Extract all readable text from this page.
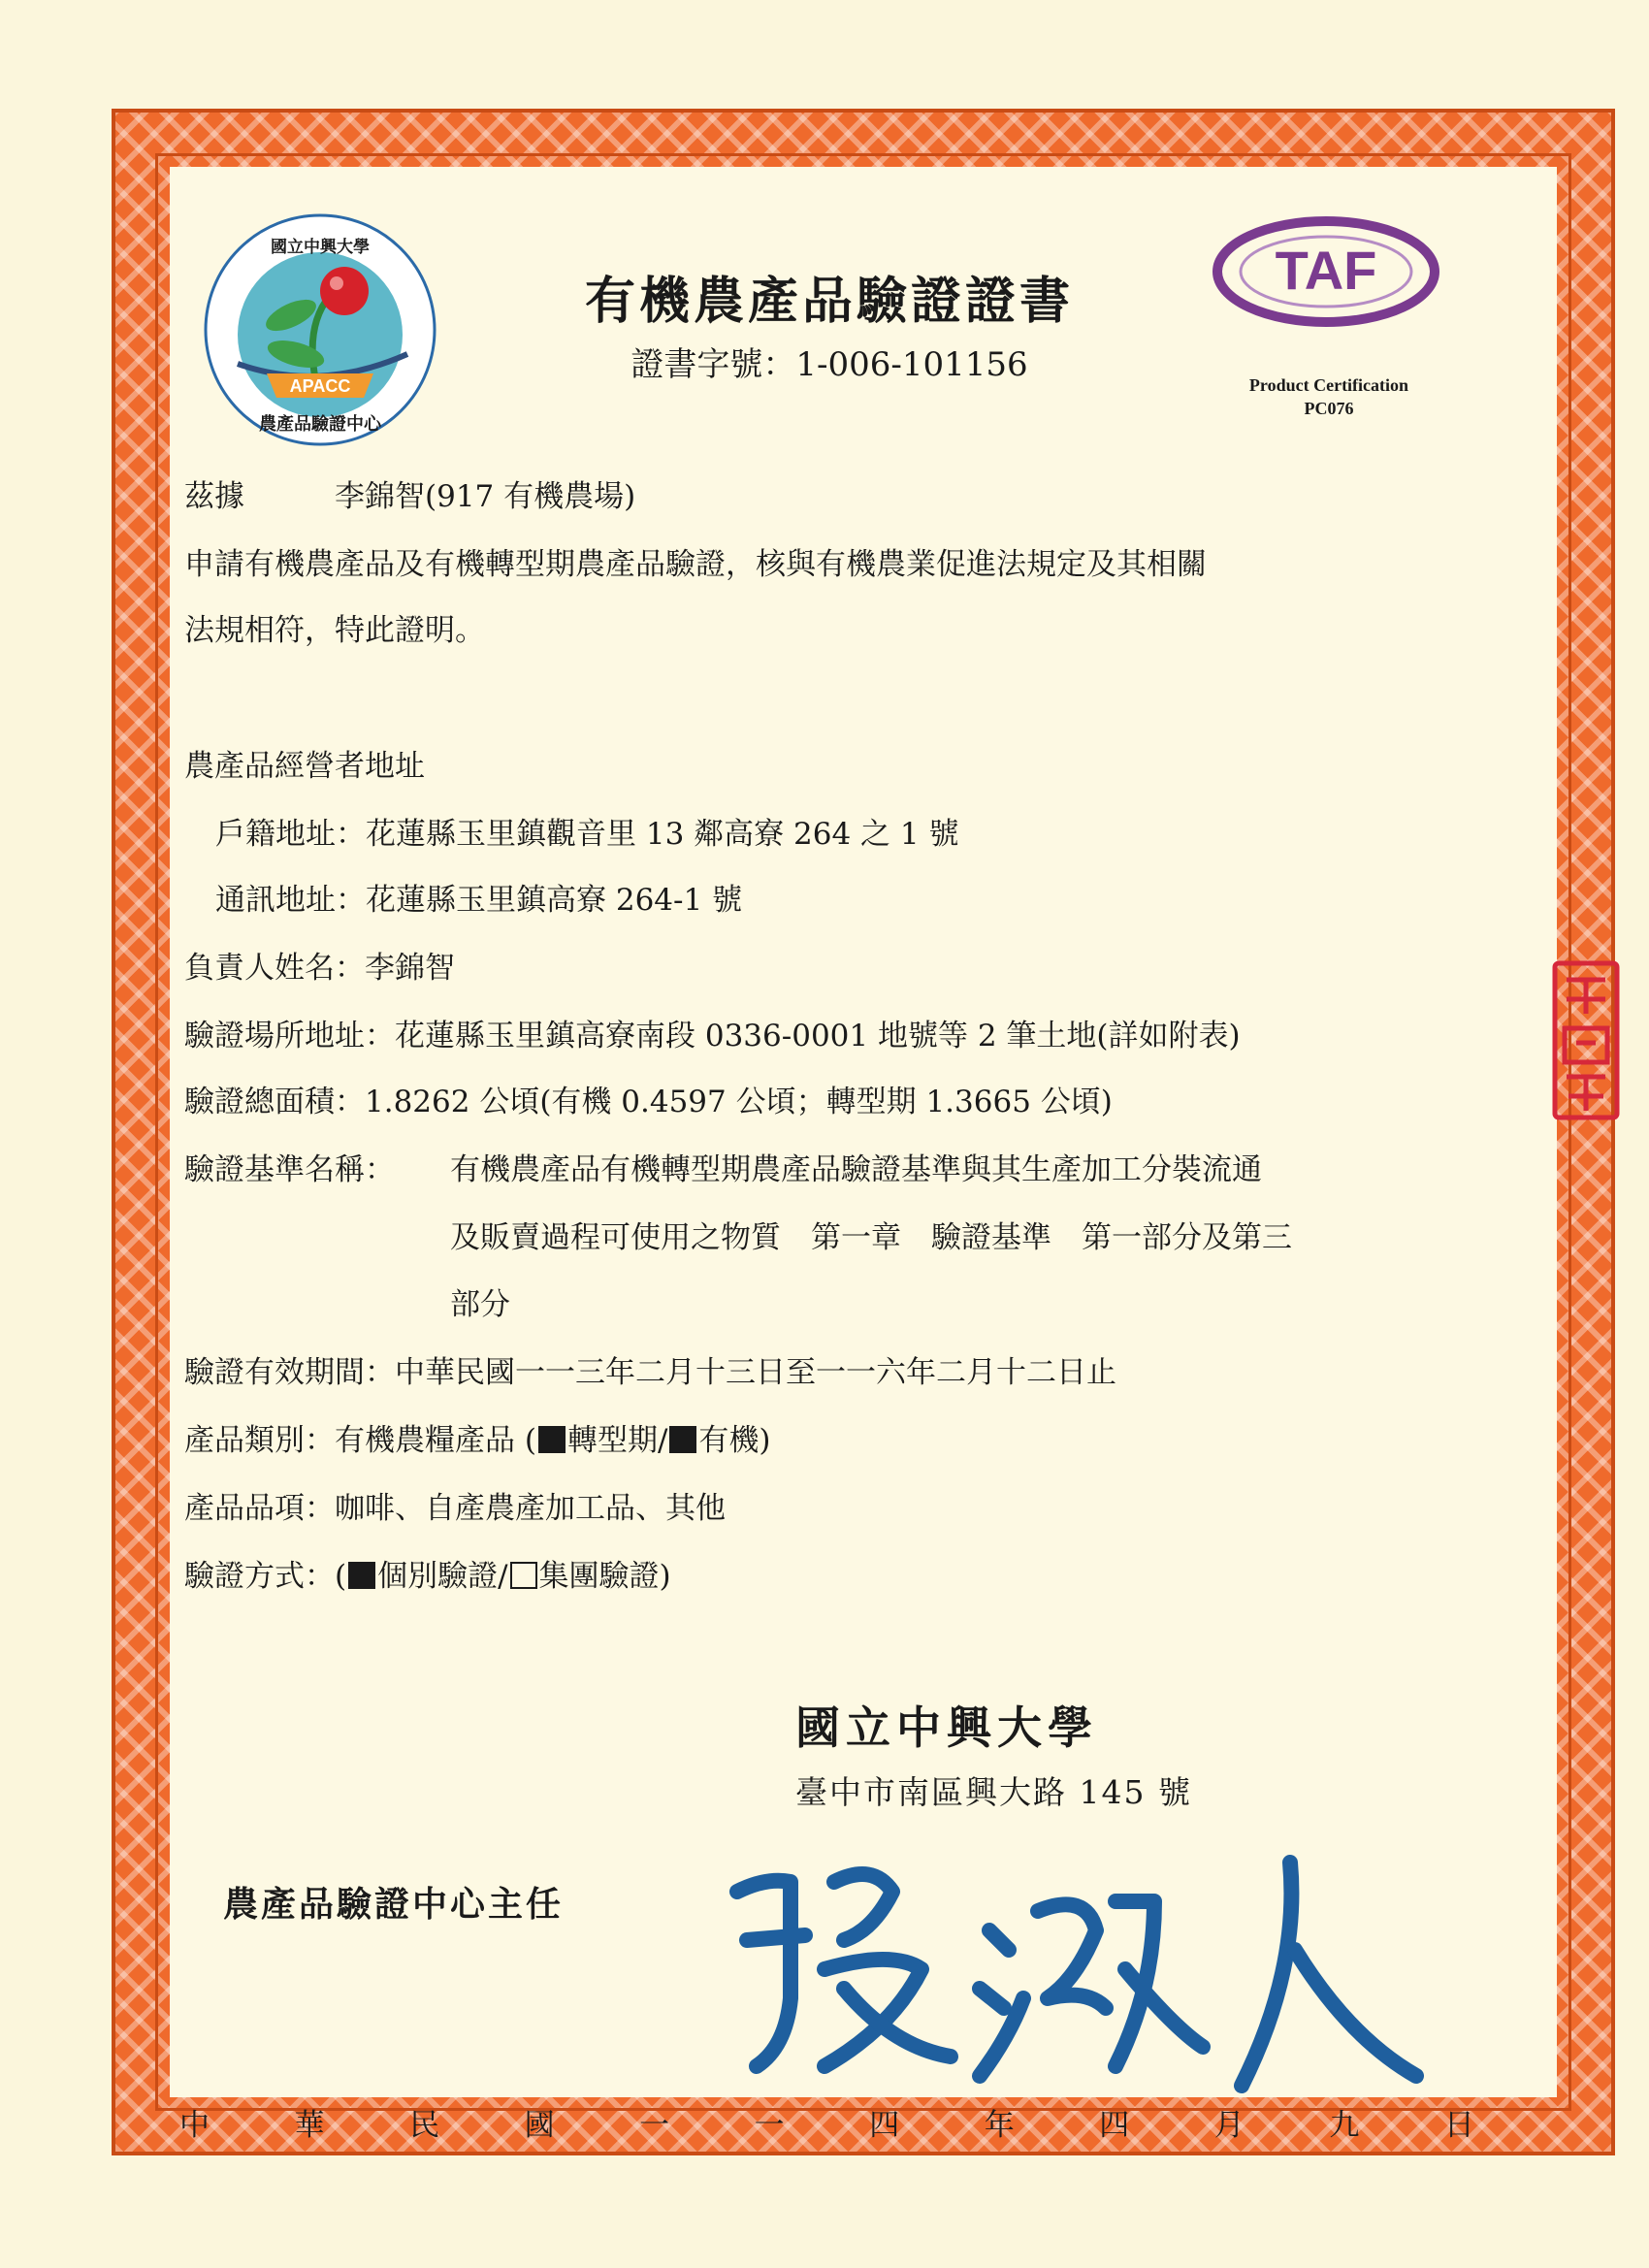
國立中興大學
APACC
農產品驗證中心
有機農產品驗證證書
證書字號：1-006-101156
TAF
Product Certification
PC076
茲據	李錦智(917 有機農場)
申請有機農產品及有機轉型期農產品驗證，核與有機農業促進法規定及其相關
法規相符，特此證明。
農產品經營者地址
戶籍地址：花蓮縣玉里鎮觀音里 13 鄰高寮 264 之 1 號
通訊地址：花蓮縣玉里鎮高寮 264-1 號
負責人姓名：李錦智
驗證場所地址：花蓮縣玉里鎮高寮南段 0336-0001 地號等 2 筆土地(詳如附表)
驗證總面積：1.8262 公頃(有機 0.4597 公頃；轉型期 1.3665 公頃)
驗證基準名稱： 有機農產品有機轉型期農產品驗證基準與其生產加工分裝流通
及販賣過程可使用之物質　第一章　驗證基準　第一部分及第三
部分
驗證有效期間：中華民國一一三年二月十三日至一一六年二月十二日止
產品類別：有機農糧產品 ( 轉型期/ 有機)
產品品項：咖啡、自產農產加工品、其他
驗證方式：( 個別驗證/ 集團驗證)
國立中興大學
臺中市南區興大路 145 號
農產品驗證中心主任
中	華	民	國	一	一	四	年	四	月	九	日
